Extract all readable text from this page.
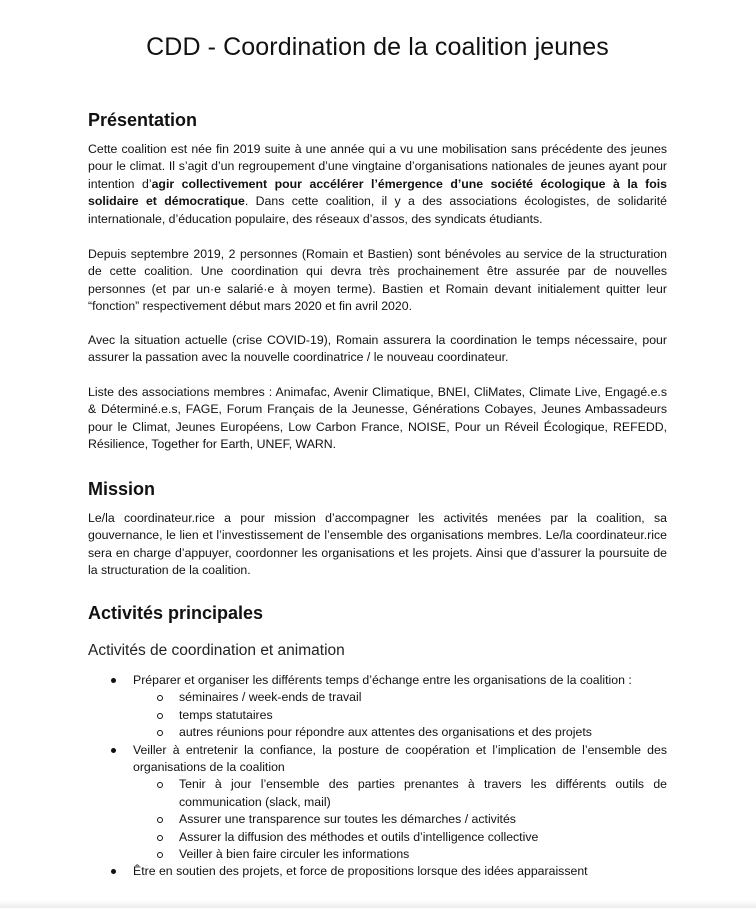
CDD - Coordination de la coalition jeunes
Présentation

Cette coalition est née fin 2019 suite à une année qui a vu une mobilisation sans précédente des jeunes pour le climat. Il s’agit d’un regroupement d’une vingtaine d’organisations nationales de jeunes ayant pour intention d’agir collectivement pour accélérer l’émergence d’une société écologique à la fois solidaire et démocratique. Dans cette coalition, il y a des associations écologistes, de solidarité internationale, d’éducation populaire, des réseaux d’assos, des syndicats étudiants.

Depuis septembre 2019, 2 personnes (Romain et Bastien) sont bénévoles au service de la structuration de cette coalition. Une coordination qui devra très prochainement être assurée par de nouvelles personnes (et par un·e salarié·e à moyen terme). Bastien et Romain devant initialement quitter leur “fonction” respectivement début mars 2020 et fin avril 2020.

Avec la situation actuelle (crise COVID-19), Romain assurera la coordination le temps nécessaire, pour assurer la passation avec la nouvelle coordinatrice / le nouveau coordinateur.

Liste des associations membres : Animafac, Avenir Climatique, BNEI, CliMates, Climate Live, Engagé.e.s & Déterminé.e.s, FAGE, Forum Français de la Jeunesse, Générations Cobayes, Jeunes Ambassadeurs pour le Climat, Jeunes Européens, Low Carbon France, NOISE, Pour un Réveil Écologique, REFEDD, Résilience, Together for Earth, UNEF, WARN.

Mission

Le/la coordinateur.rice a pour mission d’accompagner les activités menées par la coalition, sa gouvernance, le lien et l’investissement de l’ensemble des organisations membres. Le/la coordinateur.rice sera en charge d’appuyer, coordonner les organisations et les projets. Ainsi que d’assurer la poursuite de la structuration de la coalition.

Activités principales
Activités de coordination et animation
Préparer et organiser les différents temps d’échange entre les organisations de la coalition :
séminaires / week-ends de travail
temps statutaires
autres réunions pour répondre aux attentes des organisations et des projets
Veiller à entretenir la confiance, la posture de coopération et l’implication de l’ensemble des organisations de la coalition
Tenir à jour l’ensemble des parties prenantes à travers les différents outils de communication (slack, mail)
Assurer une transparence sur toutes les démarches / activités
Assurer la diffusion des méthodes et outils d’intelligence collective
Veiller à bien faire circuler les informations
Être en soutien des projets, et force de propositions lorsque des idées apparaissent
